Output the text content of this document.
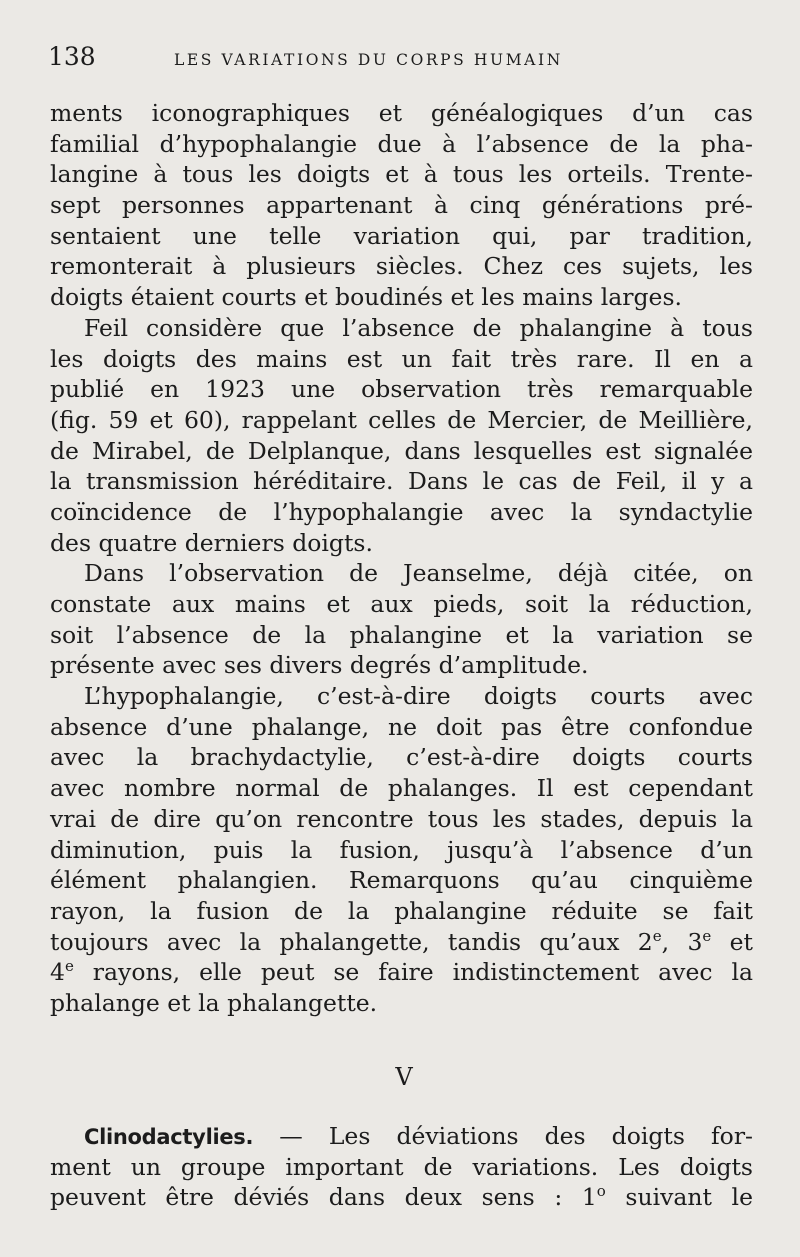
138	LES VARIATIONS DU CORPS HUMAIN
ments iconographiques et généalogiques d’un cas
familial d’hypophalangie due à l’absence de la pha-
langine à tous les doigts et à tous les orteils. Trente-
sept personnes appartenant à cinq générations pré-
sentaient une telle variation qui, par tradition,
remonterait à plusieurs siècles. Chez ces sujets, les
doigts étaient courts et boudinés et les mains larges.
Feil considère que l’absence de phalangine à tous
les doigts des mains est un fait très rare. Il en a
publié en 1923 une observation très remarquable
(fig. 59 et 60), rappelant celles de Mercier, de Meillière,
de Mirabel, de Delplanque, dans lesquelles est signalée
la transmission héréditaire. Dans le cas de Feil, il y a
coïncidence de l’hypophalangie avec la syndactylie
des quatre derniers doigts.
Dans l’observation de Jeanselme, déjà citée, on
constate aux mains et aux pieds, soit la réduction,
soit l’absence de la phalangine et la variation se
présente avec ses divers degrés d’amplitude.
L’hypophalangie, c’est-à-dire doigts courts avec
absence d’une phalange, ne doit pas être confondue
avec la brachydactylie, c’est-à-dire doigts courts
avec nombre normal de phalanges. Il est cependant
vrai de dire qu’on rencontre tous les stades, depuis la
diminution, puis la fusion, jusqu’à l’absence d’un
élément phalangien. Remarquons qu’au cinquième
rayon, la fusion de la phalangine réduite se fait
toujours avec la phalangette, tandis qu’aux 2e, 3e et
4e rayons, elle peut se faire indistinctement avec la
phalange et la phalangette.
V
Clinodactylies. — Les déviations des doigts for-
ment un groupe important de variations. Les doigts
peuvent être déviés dans deux sens : 1$^o$ suivant le
